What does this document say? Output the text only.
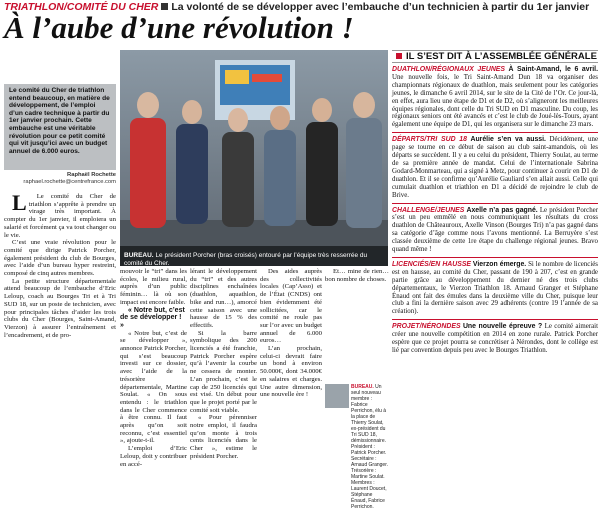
TRIATHLON/COMITÉ DU CHER La volonté de se développer avec l’embauche d’un technicien à partir du 1er janvier
À l’aube d’une révolution !
IL S’EST DIT À L’ASSEMBLÉE GÉNÉRALE
Le comité du Cher de triathlon entend beaucoup, en matière de développement, de l’emploi d’un cadre technique à partir du 1er janvier prochain. Cette embauche est une véritable révolution pour ce petit comité qui vit jusqu’ici avec un budget annuel de 6.000 euros.
Raphaël Rochette
raphael.rochette@centrefrance.com
BUREAU. Le président Porcher (bras croisés) entouré par l’équipe très resserrée du comité du Cher.

L Le comité du Cher de triathlon s’apprête à prendre un virage très important. À compter du 1er janvier, il emploiera un salarié et forcément ça va tout changer ou le vie.

C’est une vraie révolution pour le comité que dirige Patrick Porcher, également président du club de Bourges, avec l’aide d’un bureau hyper restreint, composé de cinq autres membres.

La petite structure départementale attend beaucoup de l’embauche d’Eric Leloup, coach au Bourges Tri et à Tri SUD 18, sur un poste de technicien, avec pour principales tâches d’aider les trois clubs du Cher (Bourges, Saint-Amand, Vierzon) à assurer l’entraînement et l’encadrement, et de pro-

mouvoir le “tri” dans les écoles, le milieu rural, auprès d’un public féminin… là où son impact est encore faible.

« Notre but, c’est de se développer ! »

« Notre but, c’est de se développer », annonce Patrick Porcher, qui s’est beaucoup investi sur ce dossier, avec l’aide de la trésorière départementale, Martine Soulat. « On sous entendu : le triathlon dans le Cher commence à être connu. Il faut après qu’on soit reconnu, c’est essentiel », ajoute-t-il.

L’emploi d’Eric Leloup, doit y contribuer en accé-

lérant le développement du “tri” et des autres disciplines enchaînées (duathlon, aquathlon, bike and run…), amorcé cette saison avec une hausse de 15 % des effectifs.

Si la barre symbolique des 200 licenciés a été franchie, Patrick Porcher espère qu’à l’avenir la courbe ne cessera de monter. L’an prochain, c’est le cap de 250 licenciés qui est visé. Un début pour que le projet porté par le comité soit viable.

« Pour pérenniser notre emploi, il faudra qu’on monte à trois cents licenciés dans le Cher », estime le président Porcher.

Des aides auprès des collectivités locales (Cap’Asso) et de l’État (CNDS) ont bien évidemment été sollicitées, car le comité ne roule pas sur l’or avec un budget annuel de 6.000 euros…

L’an prochain, celui-ci devrait faire un bond à environ 50.000€, dont 34.000€ en salaires et charges. Une autre dimension, une nouvelle ère !

Et… mine de rien… bon nombre de choses.

BUREAU. Un seul nouveau membre : Fabrice Perrichon, élu à la place de Thierry Soulat, ex-président du Tri SUD 18, démissionnaire. Président : Patrick Porcher. Secrétaire : Arnaud Granger. Trésorière : Martine Soulat. Membres : Laurent Doucet, Stéphane Énaud, Fabrice Perrichon.
DUATHLON/RÉGIONAUX JEUNES À Saint-Amand, le 6 avril. Une nouvelle fois, le Tri Saint-Amand Dun 18 va organiser des championnats régionaux de duathlon, mais seulement pour les catégories jeunes, le dimanche 6 avril 2014, sur le site de la Cité de l’Or. Ce jour-là, en effet, aura lieu une étape de D1 et de D2, où s’aligneront les meilleures équipes régionales, dont celle du Tri SUD en D1 masculine. Du coup, les régionaux seniors ont été avancés et c’est le club de Joué-lès-Tours, ayant également une équipe de D1, qui les organisera sur le dimanche 23 mars.
DÉPARTS/TRI SUD 18 Aurélie s’en va aussi. Décidément, une page se tourne en ce début de saison au club saint-amandois, où les départs se succèdent. Il y a eu celui du président, Thierry Soulat, au terme de sa première année de mandat. Celui de l’internationale Sabrina Godard-Monmarteau, qui a signé à Metz, pour continuer à courir en D1 de duathlon. Et il se confirme qu’Aurélie Gauliard s’en allait aussi. Celle qui cumulait duathlon et triathlon en D1 a décidé de rejoindre le club de Brive.
CHALLENGE/JEUNES Axelle n’a pas gagné. Le président Porcher s’est un peu emmêlé en nous communiquant les résultats du cross duathlon de Châteauroux, Axelle Vinson (Bourges Tri) n’a pas gagné dans sa catégorie d’âge comme nous l’avons mentionné. La Berruyère s’est classée deuxième de cette 1re étape du challenge régional jeunes. Bravo quand même !
LICENCIÉS/EN HAUSSE Vierzon émerge. Si le nombre de licenciés est en hausse, au comité du Cher, passant de 190 à 207, c’est en grande partie grâce au développement du dernier né des trois clubs départementaux, le Vierzon Triathlon 18. Arnaud Granger et Stéphane Énaud ont fait des émules dans la deuxième ville du Cher, puisque leur club a fini la dernière saison avec 29 adhérents (contre 19 l’année de sa création).
PROJET/NÉRONDES Une nouvelle épreuve ? Le comité aimerait créer une nouvelle compétition en 2014 en zone rurale. Patrick Porcher espère que ce projet pourra se concrétiser à Nérondes, dont le collège est lié par convention depuis peu avec le Bourges Triathlon.
